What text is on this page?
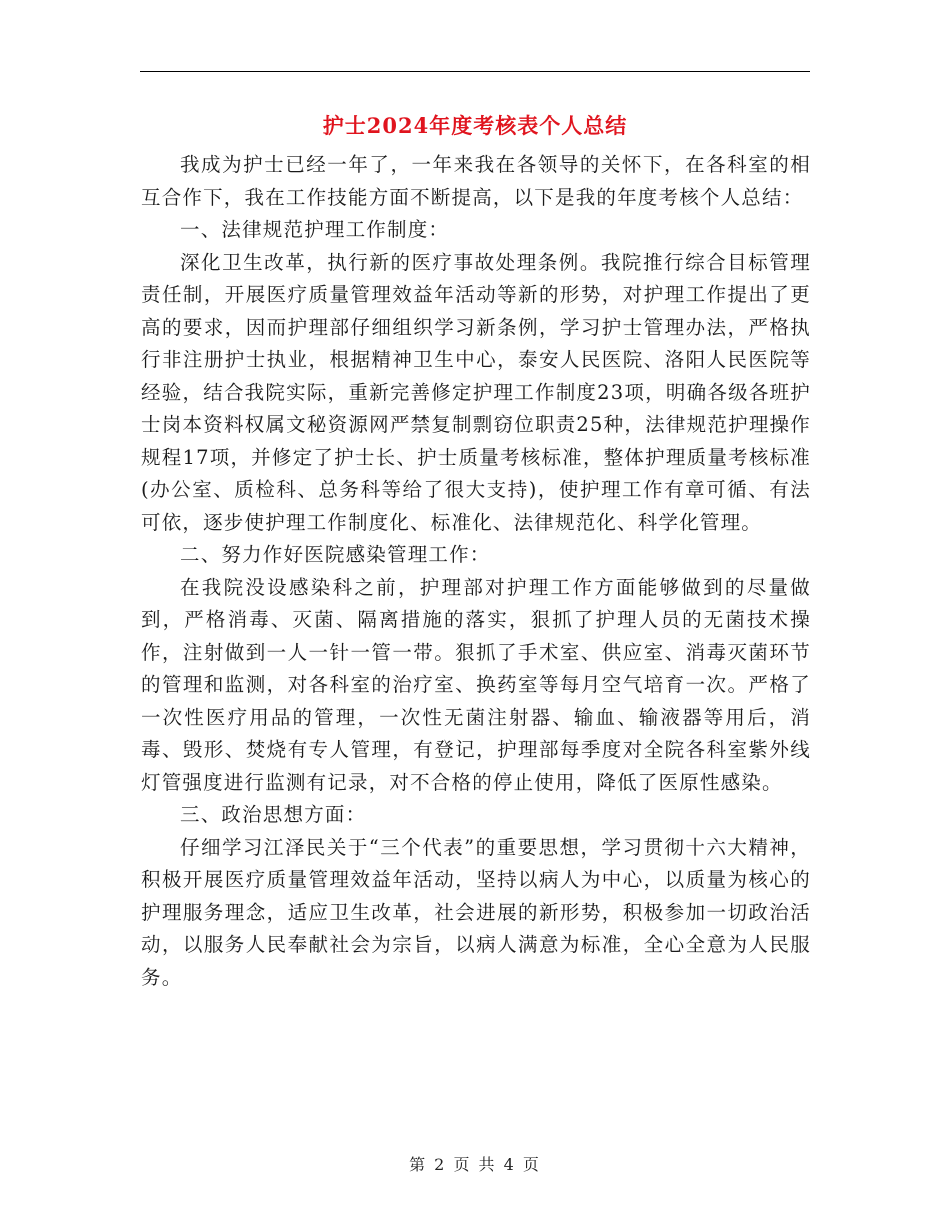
护士2024年度考核表个人总结

我成为护士已经一年了，一年来我在各领导的关怀下，在各科室的相互合作下，我在工作技能方面不断提高，以下是我的年度考核个人总结：

一、法律规范护理工作制度：

深化卫生改革，执行新的医疗事故处理条例。我院推行综合目标管理责任制，开展医疗质量管理效益年活动等新的形势，对护理工作提出了更高的要求，因而护理部仔细组织学习新条例，学习护士管理办法，严格执行非注册护士执业，根据精神卫生中心，泰安人民医院、洛阳人民医院等经验，结合我院实际，重新完善修定护理工作制度23项，明确各级各班护士岗本资料权属文秘资源网严禁复制剽窃位职责25种，法律规范护理操作规程17项，并修定了护士长、护士质量考核标准，整体护理质量考核标准(办公室、质检科、总务科等给了很大支持)，使护理工作有章可循、有法可依，逐步使护理工作制度化、标准化、法律规范化、科学化管理。

二、努力作好医院感染管理工作：

在我院没设感染科之前，护理部对护理工作方面能够做到的尽量做到，严格消毒、灭菌、隔离措施的落实，狠抓了护理人员的无菌技术操作，注射做到一人一针一管一带。狠抓了手术室、供应室、消毒灭菌环节的管理和监测，对各科室的治疗室、换药室等每月空气培育一次。严格了一次性医疗用品的管理，一次性无菌注射器、输血、输液器等用后，消毒、毁形、焚烧有专人管理，有登记，护理部每季度对全院各科室紫外线灯管强度进行监测有记录，对不合格的停止使用，降低了医原性感染。

三、政治思想方面：

仔细学习江泽民关于“三个代表”的重要思想，学习贯彻十六大精神，积极开展医疗质量管理效益年活动，坚持以病人为中心，以质量为核心的护理服务理念，适应卫生改革，社会进展的新形势，积极参加一切政治活动，以服务人民奉献社会为宗旨，以病人满意为标准，全心全意为人民服务。

第 2 页 共 4 页
